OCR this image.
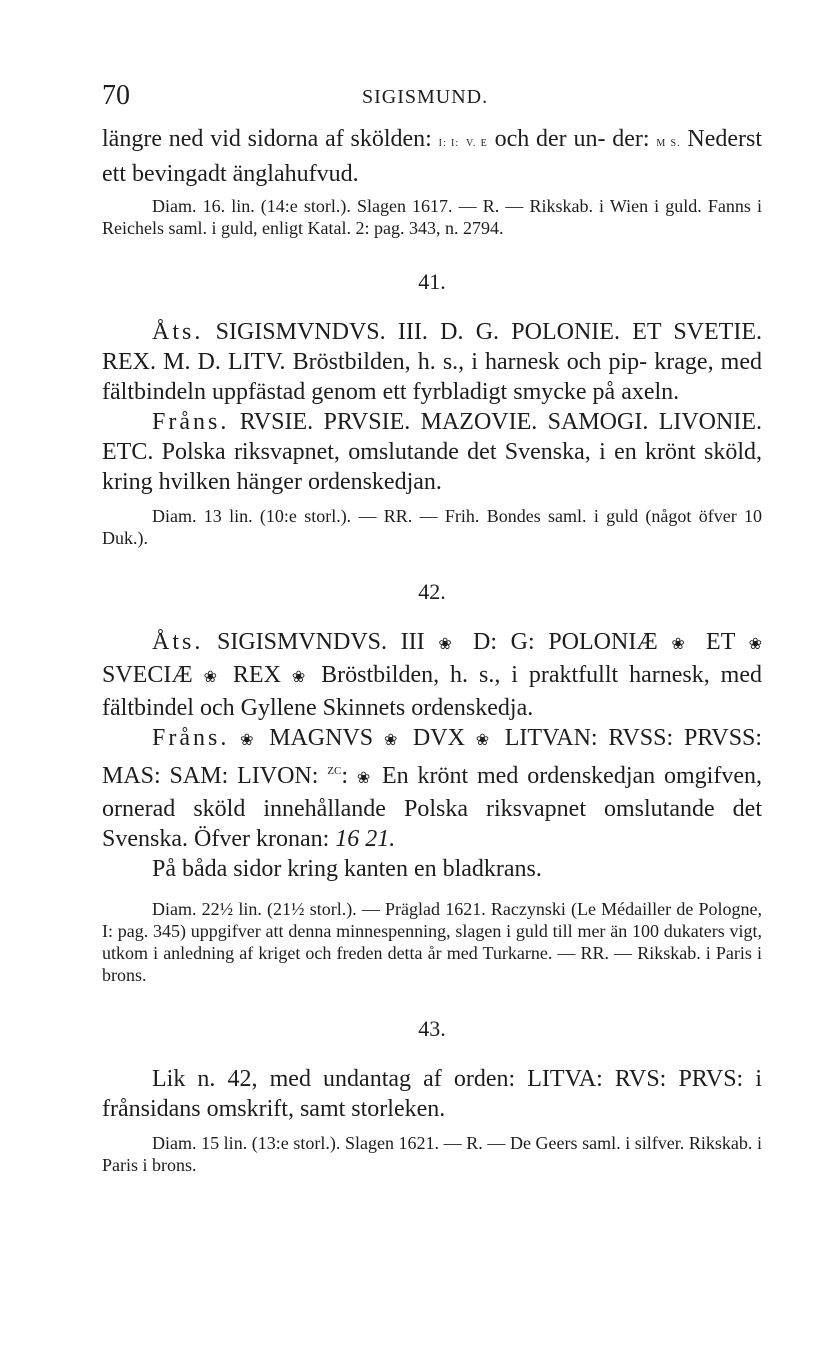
70	SIGISMUND.

längre ned vid sidorna af skölden: I: I: V. E och der un- der: M S. Nederst ett bevingadt änglahufvud.

Diam. 16. lin. (14:e storl.). Slagen 1617. — R. — Rikskab. i Wien i guld. Fanns i Reichels saml. i guld, enligt Katal. 2: pag. 343, n. 2794.

41.

Åts. SIGISMVNDVS. III. D. G. POLONIE. ET SVETIE. REX. M. D. LITV. Bröstbilden, h. s., i harnesk och pip- krage, med fältbindeln uppfästad genom ett fyrbladigt smycke på axeln.

Fråns. RVSIE. PRVSIE. MAZOVIE. SAMOGI. LIVONIE. ETC. Polska riksvapnet, omslutande det Svenska, i en krönt sköld, kring hvilken hänger ordenskedjan.

Diam. 13 lin. (10:e storl.). — RR. — Frih. Bondes saml. i guld (något öfver 10 Duk.).

42.

Åts. SIGISMVNDVS. III ❀ D: G: POLONIÆ ❀ ET ❀ SVECIÆ ❀ REX ❀ Bröstbilden, h. s., i praktfullt harnesk, med fältbindel och Gyllene Skinnets ordenskedja.

Fråns. ❀ MAGNVS ❀ DVX ❀ LITVAN: RVSS: PRVSS: MAS: SAM: LIVON: $^{ZC}$: ❀ En krönt med ordenskedjan omgifven, ornerad sköld innehållande Polska riksvapnet omslutande det Svenska. Öfver kronan: 16 21.

På båda sidor kring kanten en bladkrans.

Diam. 22½ lin. (21½ storl.). — Präglad 1621. Raczynski (Le Médailler de Pologne, I: pag. 345) uppgifver att denna minnespenning, slagen i guld till mer än 100 dukaters vigt, utkom i anledning af kriget och freden detta år med Turkarne. — RR. — Rikskab. i Paris i brons.

43.

Lik n. 42, med undantag af orden: LITVA: RVS: PRVS: i frånsidans omskrift, samt storleken.

Diam. 15 lin. (13:e storl.). Slagen 1621. — R. — De Geers saml. i silfver. Rikskab. i Paris i brons.
